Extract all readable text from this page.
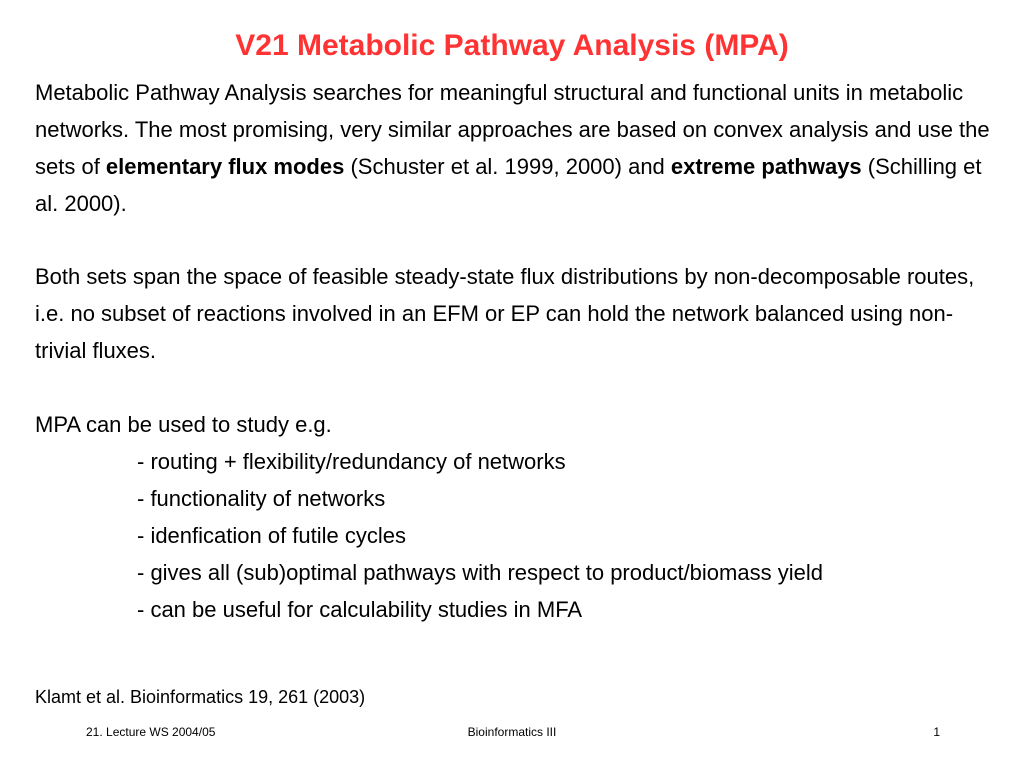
V21 Metabolic Pathway Analysis (MPA)

Metabolic Pathway Analysis searches for meaningful structural and functional units in metabolic networks. The most promising, very similar approaches are based on convex analysis and use the sets of elementary flux modes (Schuster et al. 1999, 2000) and extreme pathways (Schilling et al. 2000).

Both sets span the space of feasible steady-state flux distributions by non-decomposable routes, i.e. no subset of reactions involved in an EFM or EP can hold the network balanced using non-trivial fluxes.

MPA can be used to study e.g.

- routing + flexibility/redundancy of networks
- functionality of networks
- idenfication of futile cycles
- gives all (sub)optimal pathways with respect to product/biomass yield
- can be useful for calculability studies in MFA

Klamt et al. Bioinformatics 19, 261 (2003)

21. Lecture WS 2004/05	Bioinformatics III	1
